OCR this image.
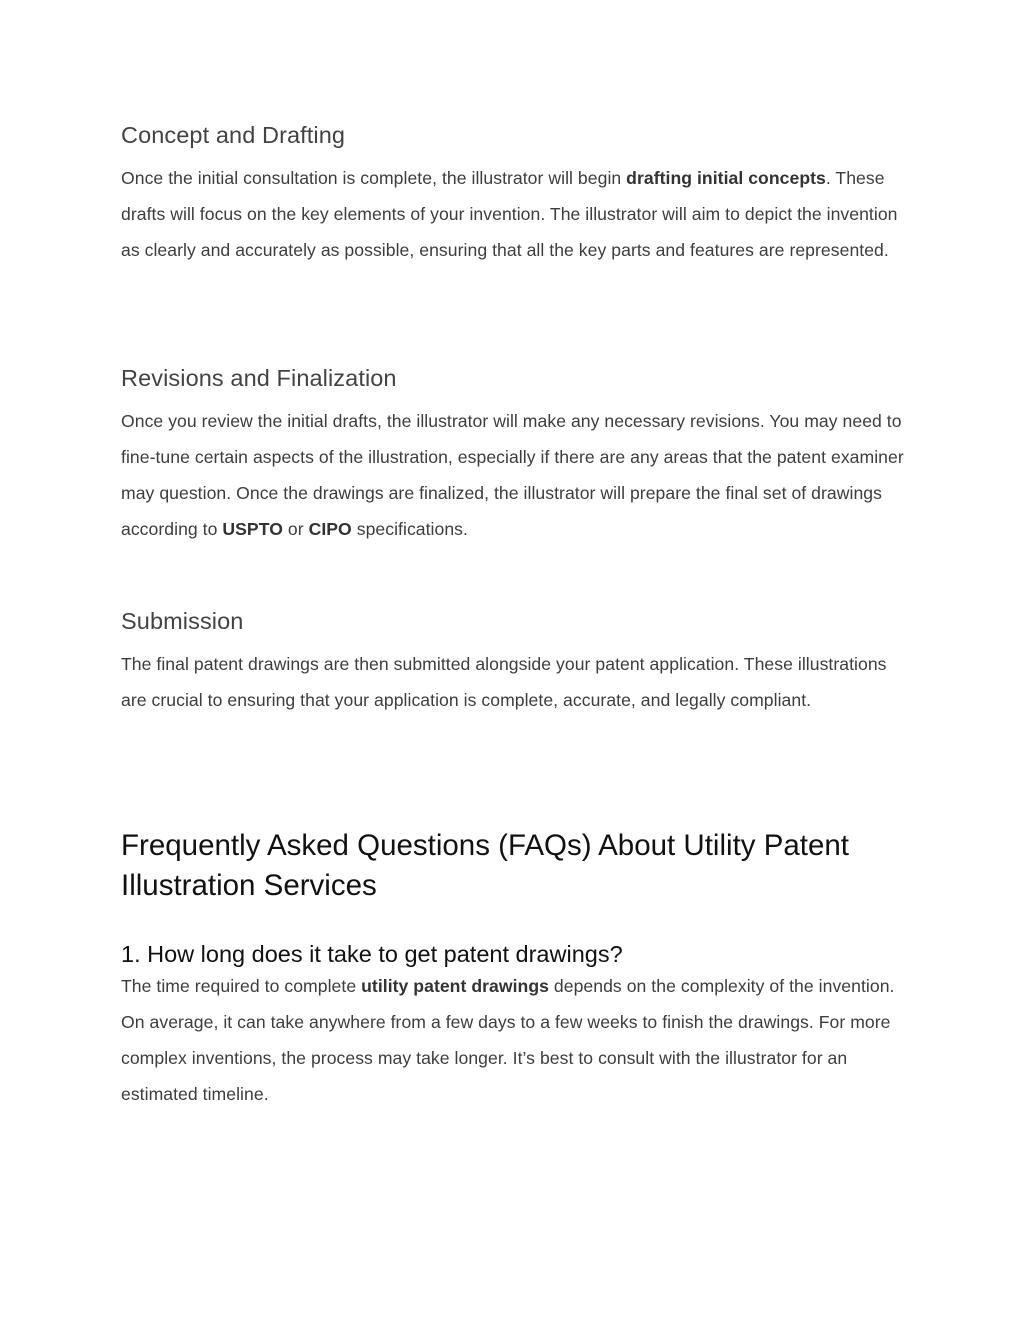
Concept and Drafting

Once the initial consultation is complete, the illustrator will begin drafting initial concepts. These drafts will focus on the key elements of your invention. The illustrator will aim to depict the invention as clearly and accurately as possible, ensuring that all the key parts and features are represented.

Revisions and Finalization

Once you review the initial drafts, the illustrator will make any necessary revisions. You may need to fine-tune certain aspects of the illustration, especially if there are any areas that the patent examiner may question. Once the drawings are finalized, the illustrator will prepare the final set of drawings according to USPTO or CIPO specifications.

Submission

The final patent drawings are then submitted alongside your patent application. These illustrations are crucial to ensuring that your application is complete, accurate, and legally compliant.

Frequently Asked Questions (FAQs) About Utility Patent Illustration Services
1. How long does it take to get patent drawings?

The time required to complete utility patent drawings depends on the complexity of the invention. On average, it can take anywhere from a few days to a few weeks to finish the drawings. For more complex inventions, the process may take longer. It’s best to consult with the illustrator for an estimated timeline.
